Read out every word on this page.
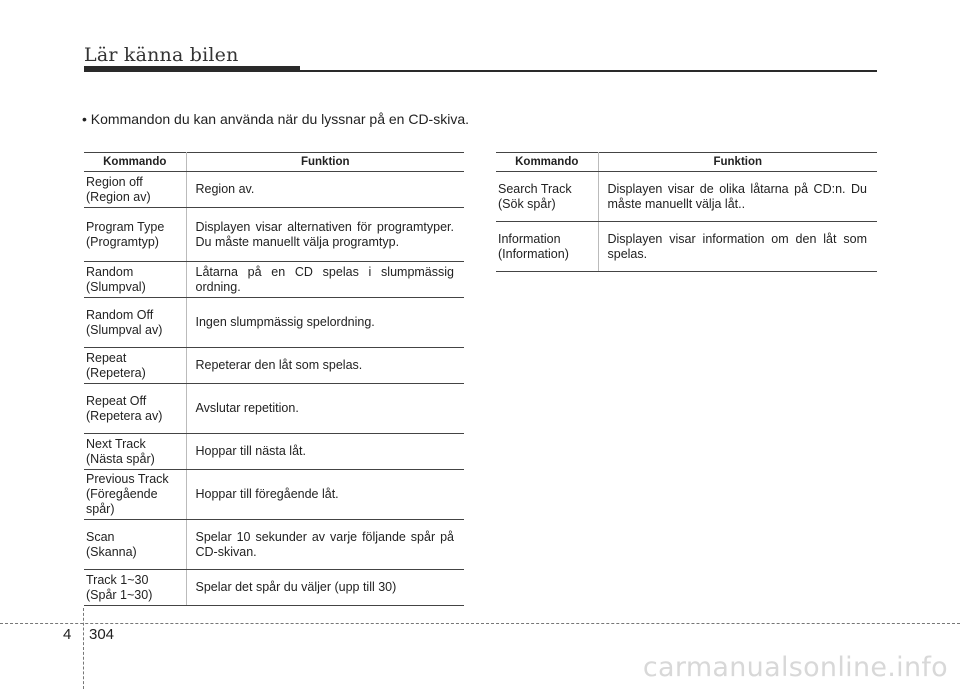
Lär känna bilen
• Kommandon du kan använda när du lyssnar på en CD-skiva.
Kommando	Funktion
Region off
(Region av)	Region av.
Program Type
(Programtyp)	Displayen visar alternativen för programtyper. Du måste manuellt välja programtyp.
Random
(Slumpval)	Låtarna på en CD spelas i slumpmässig ordning.
Random Off
(Slumpval av)	Ingen slumpmässig spelordning.
Repeat
(Repetera)	Repeterar den låt som spelas.
Repeat Off
(Repetera av)	Avslutar repetition.
Next Track
(Nästa spår)	Hoppar till nästa låt.
Previous Track
(Föregående
spår)	Hoppar till föregående låt.
Scan
(Skanna)	Spelar 10 sekunder av varje följande spår på CD-skivan.
Track 1~30
(Spår 1~30)	Spelar det spår du väljer (upp till 30)
Kommando	Funktion
Search Track
(Sök spår)	Displayen visar de olika låtarna på CD:n. Du måste manuellt välja låt..
Information
(Information)	Displayen visar information om den låt som spelas.
4 304
carmanualsonline.info
